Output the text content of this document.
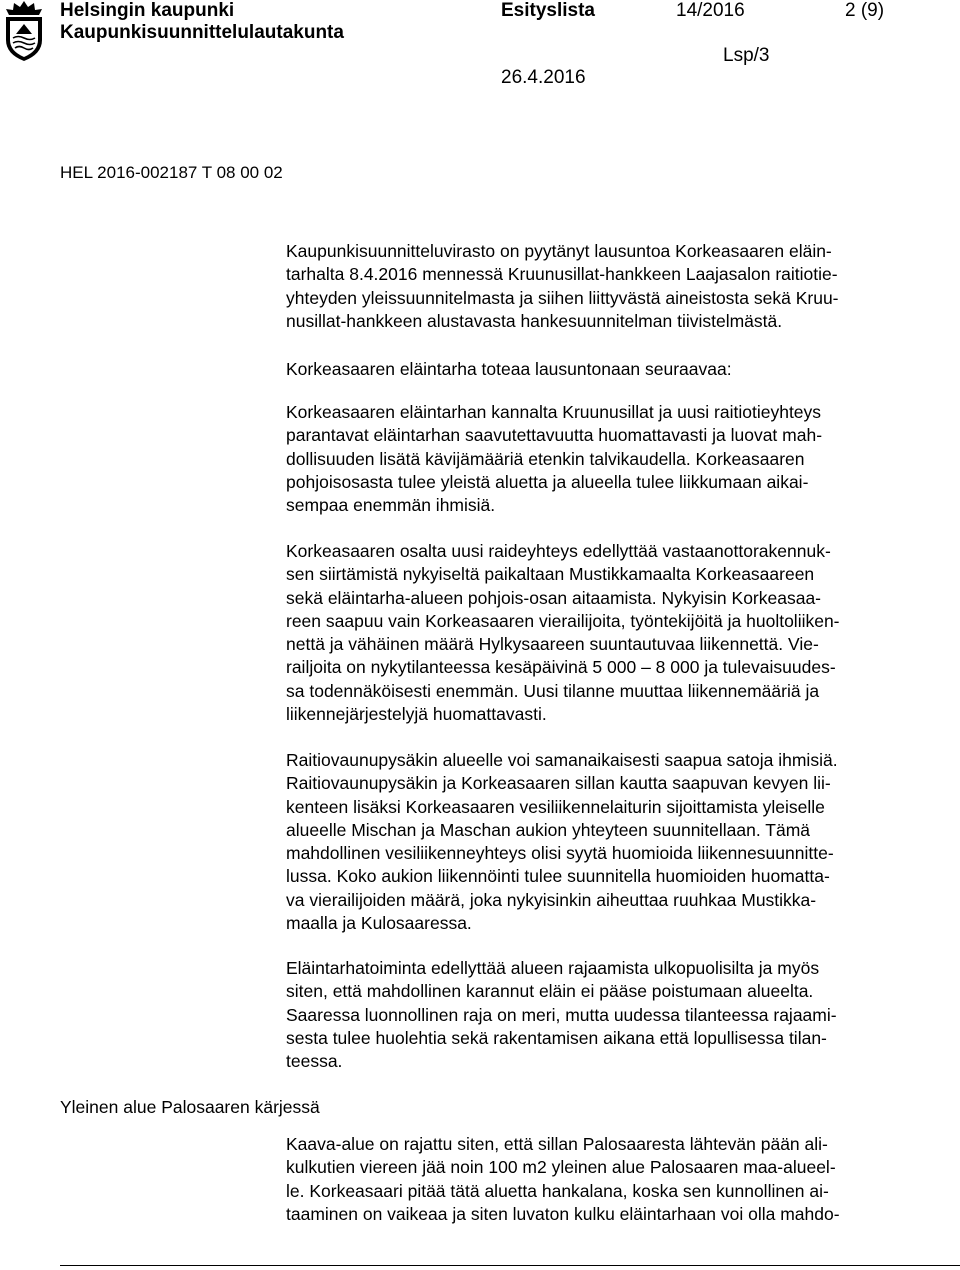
Helsingin kaupunki
Kaupunkisuunnittelulautakunta
Esityslista	14/2016	2 (9)
Lsp/3
26.4.2016
HEL 2016-002187 T 08 00 02
Yleinen alue Palosaaren kärjessä

Kaupunkisuunnitteluvirasto on pyytänyt lausuntoa Korkeasaaren eläin-
tarhalta 8.4.2016 mennessä Kruunusillat-hankkeen Laajasalon raitiotie-
yhteyden yleissuunnitelmasta ja siihen liittyvästä aineistosta sekä Kruu-
nusillat-hankkeen alustavasta hankesuunnitelman tiivistelmästä.

Korkeasaaren eläintarha toteaa lausuntonaan seuraavaa:

Korkeasaaren eläintarhan kannalta Kruunusillat ja uusi raitiotieyhteys
parantavat eläintarhan saavutettavuutta huomattavasti ja luovat mah-
dollisuuden lisätä kävijämääriä etenkin talvikaudella. Korkeasaaren
pohjoisosasta tulee yleistä aluetta ja alueella tulee liikkumaan aikai-
sempaa enemmän ihmisiä.

Korkeasaaren osalta uusi raideyhteys edellyttää vastaanottorakennuk-
sen siirtämistä nykyiseltä paikaltaan Mustikkamaalta Korkeasaareen
sekä eläintarha-alueen pohjois-osan aitaamista. Nykyisin Korkeasaa-
reen saapuu vain Korkeasaaren vierailijoita, työntekijöitä ja huoltoliiken-
nettä ja vähäinen määrä Hylkysaareen suuntautuvaa liikennettä. Vie-
railjoita on nykytilanteessa kesäpäivinä 5 000 – 8 000 ja tulevaisuudes-
sa todennäköisesti enemmän. Uusi tilanne muuttaa liikennemääriä ja
liikennejärjestelyjä huomattavasti.

Raitiovaunupysäkin alueelle voi samanaikaisesti saapua satoja ihmisiä.
Raitiovaunupysäkin ja Korkeasaaren sillan kautta saapuvan kevyen lii-
kenteen lisäksi Korkeasaaren vesiliikennelaiturin sijoittamista yleiselle
alueelle Mischan ja Maschan aukion yhteyteen suunnitellaan. Tämä
mahdollinen vesiliikenneyhteys olisi syytä huomioida liikennesuunnitte-
lussa. Koko aukion liikennöinti tulee suunnitella huomioiden huomatta-
va vierailijoiden määrä, joka nykyisinkin aiheuttaa ruuhkaa Mustikka-
maalla ja Kulosaaressa.

Eläintarhatoiminta edellyttää alueen rajaamista ulkopuolisilta ja myös
siten, että mahdollinen karannut eläin ei pääse poistumaan alueelta.
Saaressa luonnollinen raja on meri, mutta uudessa tilanteessa rajaami-
sesta tulee huolehtia sekä rakentamisen aikana että lopullisessa tilan-
teessa.

Kaava-alue on rajattu siten, että sillan Palosaaresta lähtevän pään ali-
kulkutien viereen jää noin 100 m2 yleinen alue Palosaaren maa-alueel-
le. Korkeasaari pitää tätä aluetta hankalana, koska sen kunnollinen ai-
taaminen on vaikeaa ja siten luvaton kulku eläintarhaan voi olla mahdo-
